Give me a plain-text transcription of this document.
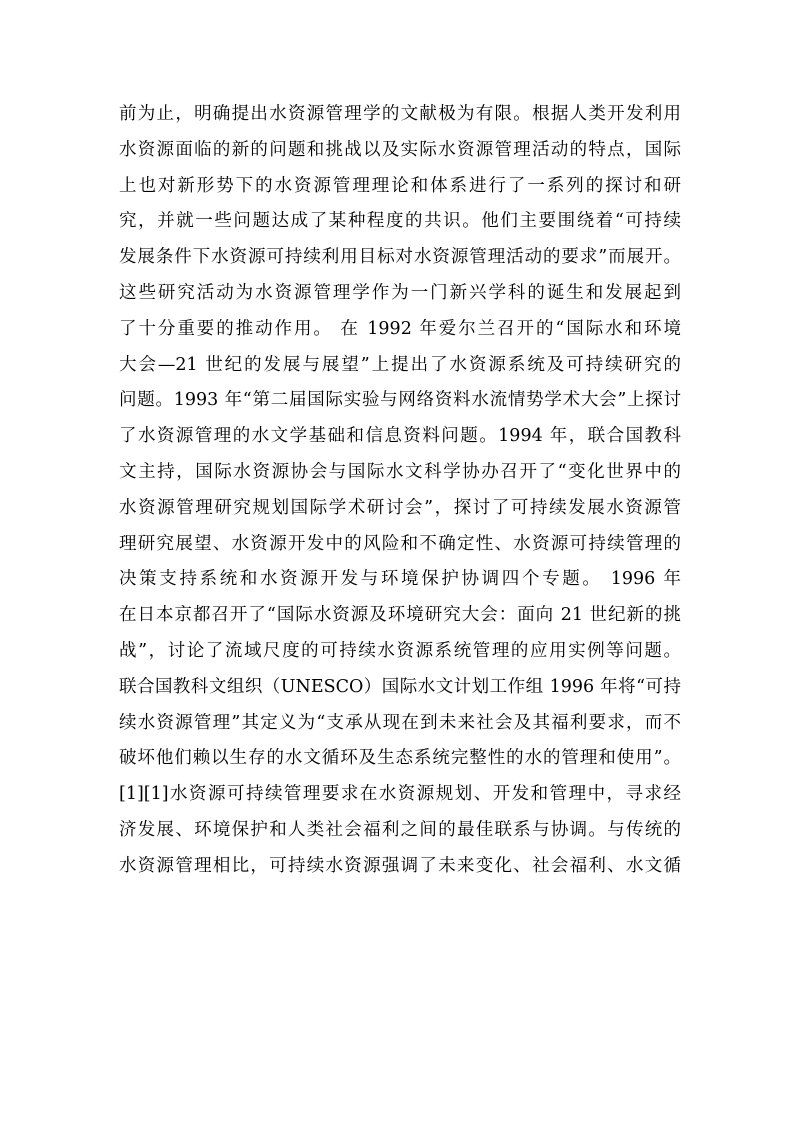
前为止，明确提出水资源管理学的文献极为有限。根据人类开发利用
水资源面临的新的问题和挑战以及实际水资源管理活动的特点，国际
上也对新形势下的水资源管理理论和体系进行了一系列的探讨和研
究，并就一些问题达成了某种程度的共识。他们主要围绕着“可持续
发展条件下水资源可持续利用目标对水资源管理活动的要求”而展开。
这些研究活动为水资源管理学作为一门新兴学科的诞生和发展起到
了十分重要的推动作用。 在 1992 年爱尔兰召开的“国际水和环境
大会—21 世纪的发展与展望”上提出了水资源系统及可持续研究的
问题。1993 年“第二届国际实验与网络资料水流情势学术大会”上探讨
了水资源管理的水文学基础和信息资料问题。1994 年，联合国教科
文主持，国际水资源协会与国际水文科学协办召开了“变化世界中的
水资源管理研究规划国际学术研讨会”，探讨了可持续发展水资源管
理研究展望、水资源开发中的风险和不确定性、水资源可持续管理的
决策支持系统和水资源开发与环境保护协调四个专题。 1996 年
在日本京都召开了“国际水资源及环境研究大会：面向 21 世纪新的挑
战”，讨论了流域尺度的可持续水资源系统管理的应用实例等问题。
联合国教科文组织（UNESCO）国际水文计划工作组 1996 年将“可持
续水资源管理”其定义为“支承从现在到未来社会及其福利要求，而不
破坏他们赖以生存的水文循环及生态系统完整性的水的管理和使用”。
[1][1]水资源可持续管理要求在水资源规划、开发和管理中，寻求经
济发展、环境保护和人类社会福利之间的最佳联系与协调。与传统的
水资源管理相比，可持续水资源强调了未来变化、社会福利、水文循
